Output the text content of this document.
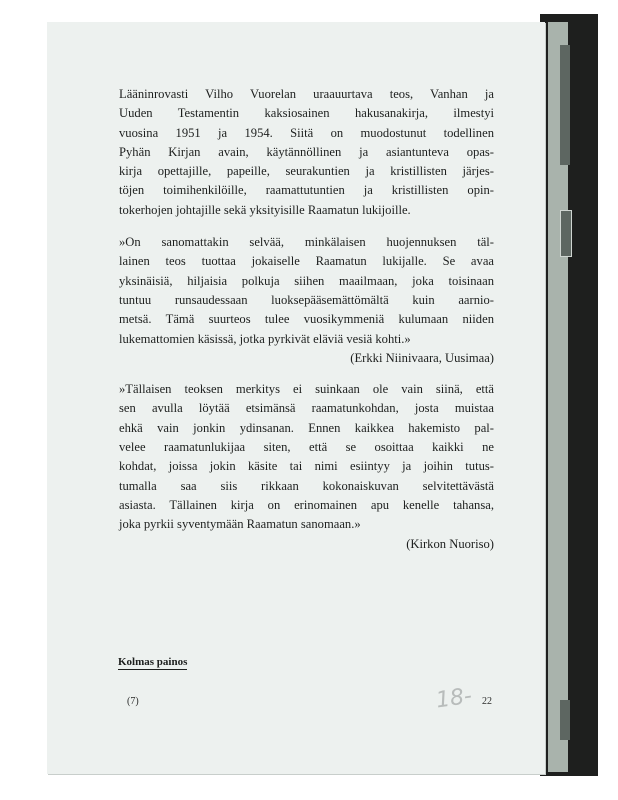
Lääninrovasti Vilho Vuorelan uraauurtava teos, Vanhan ja
Uuden Testamentin kaksiosainen hakusanakirja, ilmestyi
vuosina 1951 ja 1954. Siitä on muodostunut todellinen
Pyhän Kirjan avain, käytännöllinen ja asiantunteva opas-
kirja opettajille, papeille, seurakuntien ja kristillisten järjes-
töjen toimihenkilöille, raamattutuntien ja kristillisten opin-
tokerhojen johtajille sekä yksityisille Raamatun lukijoille.

»On sanomattakin selvää, minkälaisen huojennuksen täl-
lainen teos tuottaa jokaiselle Raamatun lukijalle. Se avaa
yksinäisiä, hiljaisia polkuja siihen maailmaan, joka toisinaan
tuntuu runsaudessaan luoksepääsemättömältä kuin aarnio-
metsä. Tämä suurteos tulee vuosikymmeniä kulumaan niiden
lukemattomien käsissä, jotka pyrkivät eläviä vesiä kohti.»
(Erkki Niinivaara, Uusimaa)

»Tällaisen teoksen merkitys ei suinkaan ole vain siinä, että
sen avulla löytää etsimänsä raamatunkohdan, josta muistaa
ehkä vain jonkin ydinsanan. Ennen kaikkea hakemisto pal-
velee raamatunlukijaa siten, että se osoittaa kaikki ne
kohdat, joissa jokin käsite tai nimi esiintyy ja joihin tutus-
tumalla saa siis rikkaan kokonaiskuvan selvitettävästä
asiasta. Tällainen kirja on erinomainen apu kenelle tahansa,
joka pyrkii syventymään Raamatun sanomaan.»
(Kirkon Nuoriso)

Kolmas painos
(7)	18- 22
